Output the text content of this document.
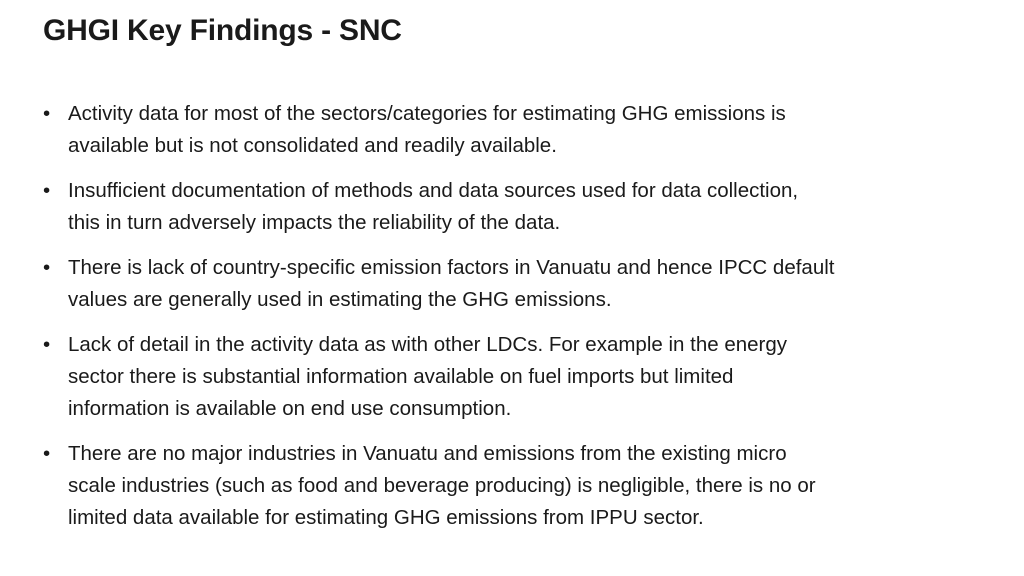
GHGI Key Findings - SNC
• Activity data for most of the sectors/categories for estimating GHG emissions is
available but is not consolidated and readily available.
• Insufficient documentation of methods and data sources used for data collection,
this in turn adversely impacts the reliability of the data.
• There is lack of country-specific emission factors in Vanuatu and hence IPCC default
values are generally used in estimating the GHG emissions.
• Lack of detail in the activity data as with other LDCs. For example in the energy
sector there is substantial information available on fuel imports but limited
information is available on end use consumption.
• There are no major industries in Vanuatu and emissions from the existing micro
scale industries (such as food and beverage producing) is negligible, there is no or
limited data available for estimating GHG emissions from IPPU sector.
